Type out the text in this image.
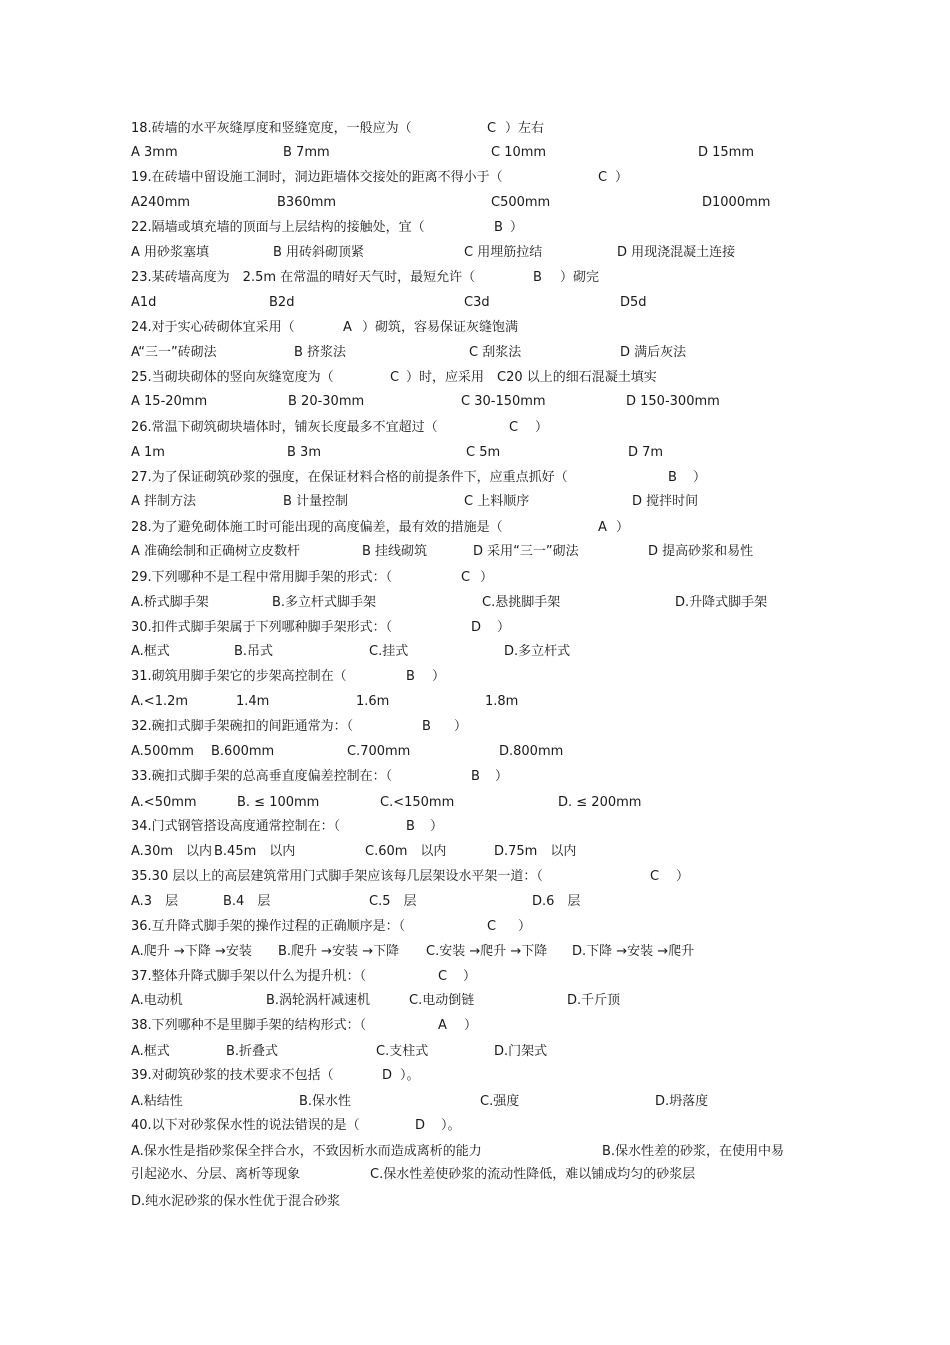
18.砖墙的水平灰缝厚度和竖缝宽度，一般应为（	C ）左右
A 3mm	B 7mm	C 10mm	D 15mm
19.在砖墙中留设施工洞时，洞边距墙体交接处的距离不得小于（	C ）
A240mm	B360mm	C500mm	D1000mm
22.隔墙或填充墙的顶面与上层结构的接触处，宜（	B ）
A 用砂浆塞填	B 用砖斜砌顶紧	C 用埋筋拉结	D 用现浇混凝土连接
23.某砖墙高度为　2.5m 在常温的晴好天气时，最短允许（	B ）砌完
A1d	B2d	C3d	D5d
24.对于实心砖砌体宜采用（	A ）砌筑，容易保证灰缝饱满
A“三一”砖砌法	B 挤浆法	C 刮浆法	D 满后灰法
25.当砌块砌体的竖向灰缝宽度为（	C ）时，应采用　C20 以上的细石混凝土填实
A 15-20mm	B 20-30mm	C 30-150mm	D 150-300mm
26.常温下砌筑砌块墙体时，铺灰长度最多不宜超过（	C ）
A 1m	B 3m	C 5m	D 7m
27.为了保证砌筑砂浆的强度，在保证材料合格的前提条件下，应重点抓好（	B ）
A 拌制方法	B 计量控制	C 上料顺序	D 搅拌时间
28.为了避免砌体施工时可能出现的高度偏差，最有效的措施是（	A ）
A 准确绘制和正确树立皮数杆	B 挂线砌筑	D 采用“三一”砌法	D 提高砂浆和易性
29.下列哪种不是工程中常用脚手架的形式：（	C ）
A.桥式脚手架	B.多立杆式脚手架	C.悬挑脚手架	D.升降式脚手架
30.扣件式脚手架属于下列哪种脚手架形式：（	D ）
A.框式	B.吊式	C.挂式	D.多立杆式
31.砌筑用脚手架它的步架高控制在（	B ）
A.<1.2m	1.4m	1.6m	1.8m
32.碗扣式脚手架碗扣的间距通常为：（	B ）
A.500mm B.600mm	C.700mm	D.800mm
33.碗扣式脚手架的总高垂直度偏差控制在：（	B ）
A.<50mm	B. ≤ 100mm	C.<150mm	D. ≤ 200mm
34.门式钢管搭设高度通常控制在：（	B ）
A.30m　以内 B.45m　以内	C.60m　以内	D.75m　以内
35.30 层以上的高层建筑常用门式脚手架应该每几层架设水平架一道：（	C ）
A.3　层	B.4　层	C.5　层	D.6　层
36.互升降式脚手架的操作过程的正确顺序是：（	C ）
A.爬升 →下降 →安装 B.爬升 →安装 →下降 C.安装 →爬升 →下降 D.下降 →安装 →爬升
37.整体升降式脚手架以什么为提升机：（	C ）
A.电动机	B.涡轮涡杆减速机	C.电动倒链	D.千斤顶
38.下列哪种不是里脚手架的结构形式：（	A ）
A.框式	B.折叠式	C.支柱式	D.门架式
39.对砌筑砂浆的技术要求不包括（	D ）。
A.粘结性	B.保水性	C.强度	D.坍落度
40.以下对砂浆保水性的说法错误的是（	D ）。
A.保水性是指砂浆保全拌合水，不致因析水而造成离析的能力	B.保水性差的砂浆，在使用中易
引起泌水、分层、离析等现象	C.保水性差使砂浆的流动性降低，难以铺成均匀的砂浆层
D.纯水泥砂浆的保水性优于混合砂浆
